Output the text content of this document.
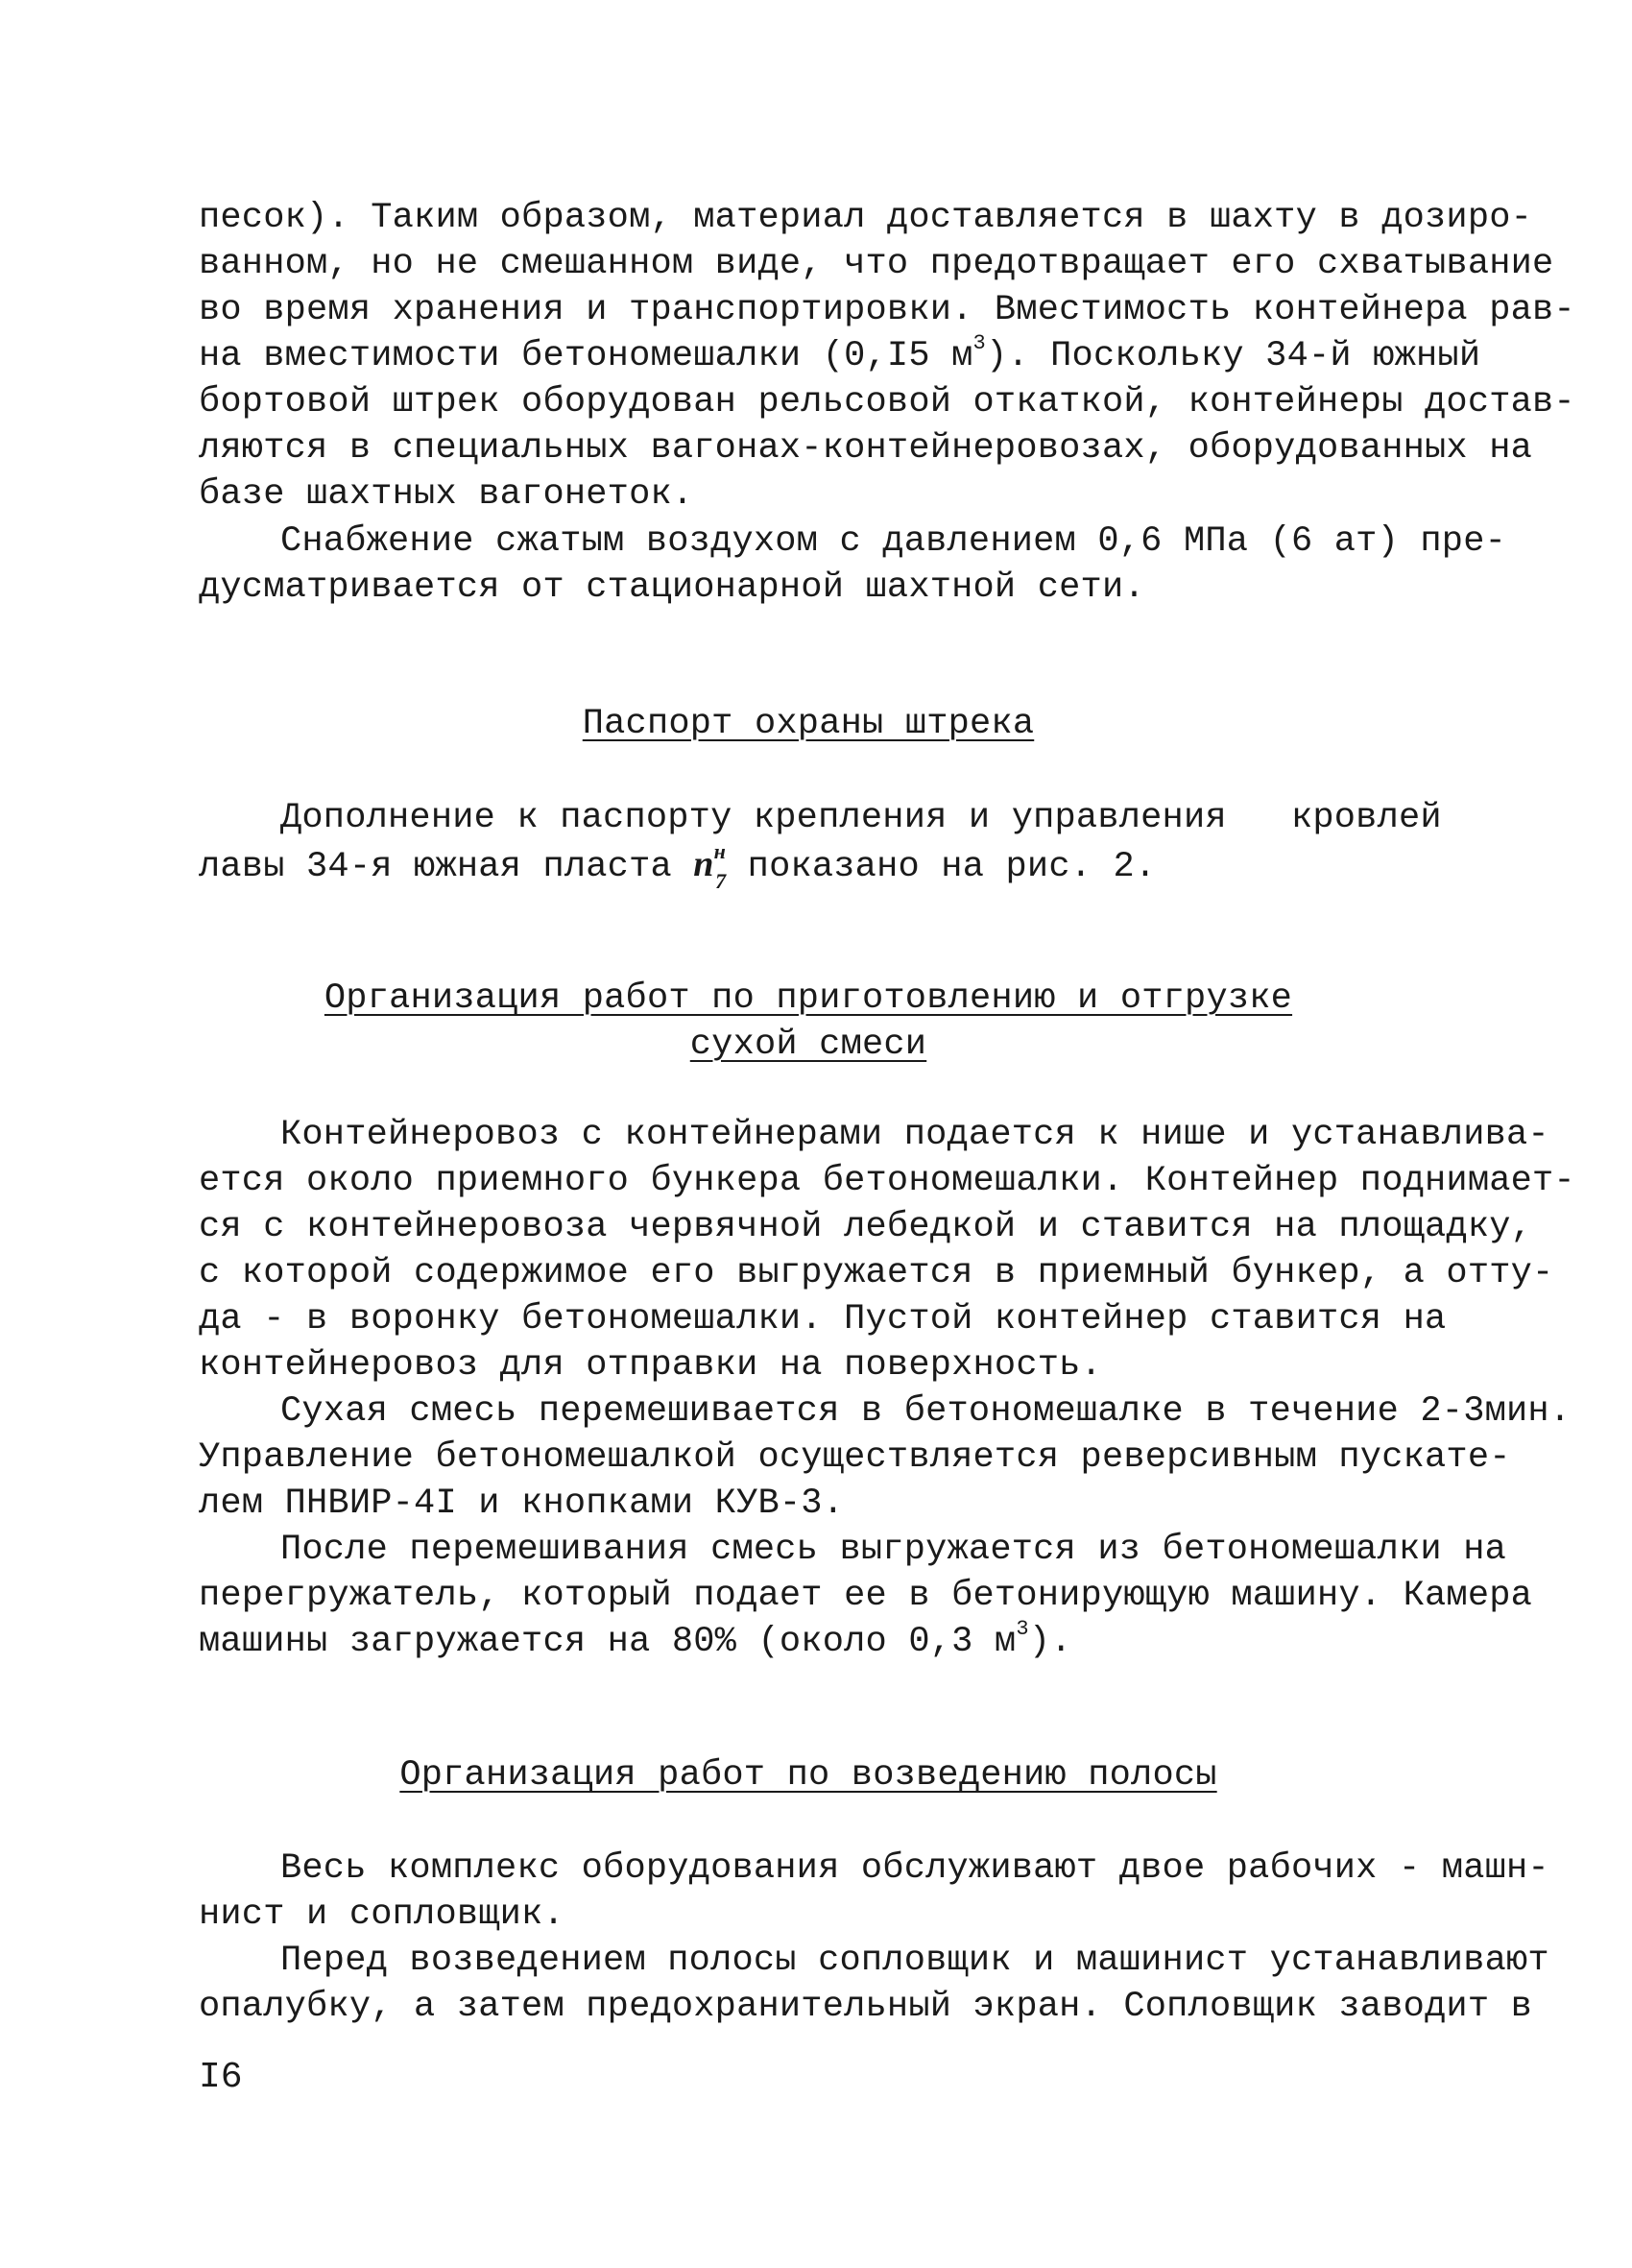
песок). Таким образом, материал доставляется в шахту в дозиро-
ванном, но не смешанном виде, что предотвращает его схватывание
во время хранения и транспортировки. Вместимость контейнера рав-
на вместимости бетономешалки (0,I5 $м^3$). Поскольку 34-й южный
бортовой штрек оборудован рельсовой откаткой, контейнеры достав-
ляются в специальных вагонах-контейнеровозах, оборудованных на
базе шахтных вагонеток.
Снабжение сжатым воздухом с давлением 0,6 МПа (6 ат) пре-
дусматривается от стационарной шахтной сети.
Паспорт охраны штрека
Дополнение к паспорту крепления и управления   кровлей
лавы 34-я южная пласта $n^н_7$ показано на рис. 2.
Организация работ по приготовлению и отгрузке
сухой смеси
Контейнеровоз с контейнерами подается к нише и устанавлива-
ется около приемного бункера бетономешалки. Контейнер поднимает-
ся с контейнеровоза червячной лебедкой и ставится на площадку,
с которой содержимое его выгружается в приемный бункер, а отту-
да - в воронку бетономешалки. Пустой контейнер ставится на
контейнеровоз для отправки на поверхность.
Сухая смесь перемешивается в бетономешалке в течение 2-3мин.
Управление бетономешалкой осуществляется реверсивным пускате-
лем ПНВИР-4I и кнопками КУВ-3.
После перемешивания смесь выгружается из бетономешалки на
перегружатель, который подает ее в бетонирующую машину. Камера
машины загружается на 80% (около 0,3 $м^3$).
Организация работ по возведению полосы
Весь комплекс оборудования обслуживают двое рабочих - машн-
нист и сопловщик.
Перед возведением полосы сопловщик и машинист устанавливают
опалубку, а затем предохранительный экран. Сопловщик заводит в
I6
